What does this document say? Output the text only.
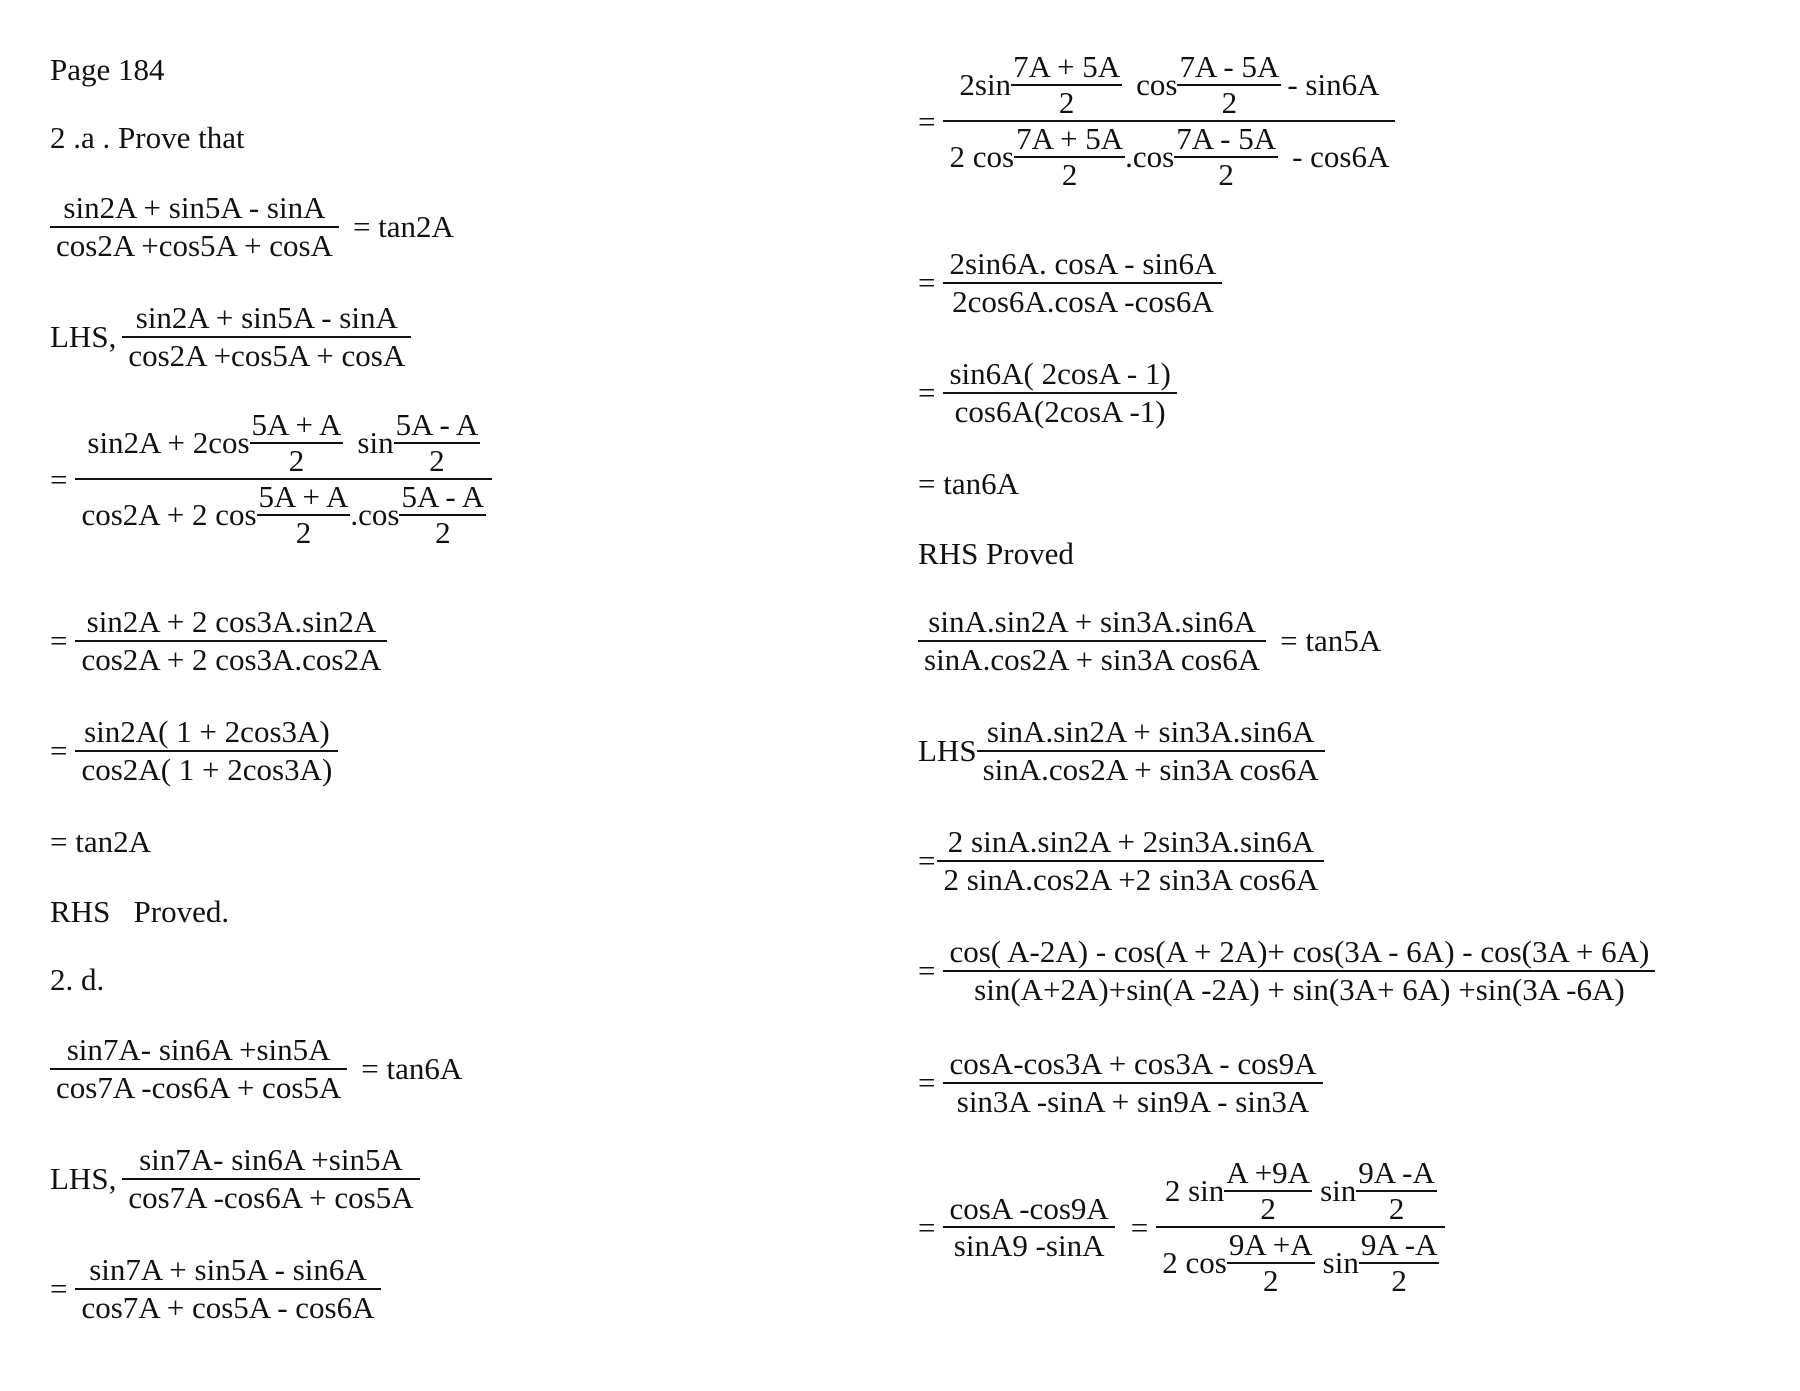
Page 184
2 .a . Prove that
$\frac{\sin 2A + \sin 5A - \sin A}{\cos 2A +\cos 5A + \cos A} = \tan 2A$
LHS, $\frac{\sin 2A + \sin 5A - \sin A}{\cos 2A +\cos 5A + \cos A}$
= sin2A + 2cos
5A + A
2
sin
5A - A
2
cos2A + 2 cos
5A + A
2
.cos
5A - A
2
= $\frac{\sin 2A + 2 \cos 3A.\sin 2A}{\cos 2A + 2 \cos 3A.\cos 2A}$
= $\frac{\sin 2A( 1 + 2\cos 3A)}{\cos 2A( 1 + 2\cos 3A)}$
= tan2A
RHS   Proved.
2. d.
$\frac{\sin 7A- \sin 6A +\sin 5A}{\cos 7A -\cos 6A + \cos 5A} = \tan 6A$
LHS, $\frac{\sin 7A- \sin 6A +\sin 5A}{\cos 7A -\cos 6A + \cos 5A}$
= $\frac{\sin 7A + \sin 5A - \sin 6A}{\cos 7A + \cos 5A - \cos 6A}$
=
2sin
7A + 5A
2
cos
7A - 5A
2
- sin6A
2 cos
7A + 5A
2
.cos
7A - 5A
2
- cos6A
= $\frac{2\sin 6A. \cos A - \sin 6A}{2\cos 6A.\cos A -\cos 6A}$
= $\frac{\sin 6A( 2\cos A - 1)}{\cos 6A(2\cos A -1)}$
= tan6A
RHS Proved
$\frac{\sin A.\sin 2A + \sin 3A.\sin 6A}{\text{sinA.cos2A + sin3A cos6A}} = \tan 5A$
LHS $\frac{\sin A.\sin 2A + \sin 3A.\sin 6A}{\text{sinA.cos2A + sin3A cos6A}}$
= $\frac{2 \sin A.\sin 2A + 2\sin 3A.\sin 6A}{\text{2 sinA.cos2A +2 sin3A cos6A}}$
= $\frac{\cos( A-2A) - \cos(A + 2A)+ \cos(3A - 6A) - \cos(3A + 6A)}{\sin(A+2A)+\sin(A -2A) + \sin(3A+ 6A) +\sin(3A -6A)}$
= $\frac{\cos A-\cos 3A + \cos 3A - \cos 9A}{\sin 3A -\sin A + \sin 9A - \sin 3A}$
= $\frac{\cos A -\cos 9A}{\sin A9 -\sin A} = 2$ sin
A +9A
2
sin
9A -A
2
2 cos
9A +A
2
sin
9A -A
2
